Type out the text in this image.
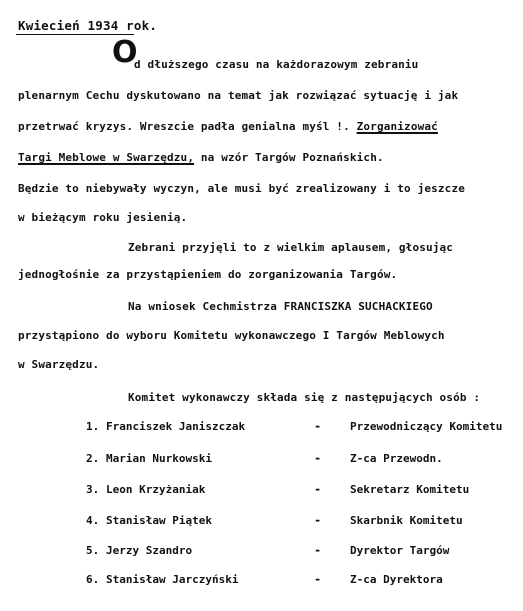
Kwiecień 1934 rok.
O
d dłuższego czasu na każdorazowym zebraniu
plenarnym Cechu dyskutowano na temat jak rozwiązać sytuację i jak
przetrwać kryzys. Wreszcie padła genialna myśl !. Zorganizować
Targi Meblowe w Swarzędzu, na wzór Targów Poznańskich.
Będzie to niebywały wyczyn, ale musi być zrealizowany i to jeszcze
w bieżącym roku jesienią.
Zebrani przyjęli to z wielkim aplausem, głosując
jednogłośnie za przystąpieniem do zorganizowania Targów.
Na wniosek Cechmistrza FRANCISZKA SUCHACKIEGO
przystąpiono do wyboru Komitetu wykonawczego I Targów Meblowych
w Swarzędzu.
Komitet wykonawczy składa się z następujących osób :
1. Franciszek Janiszczak	-	Przewodniczący Komitetu
2. Marian Nurkowski	-	Z-ca Przewodn.
3. Leon Krzyżaniak	-	Sekretarz Komitetu
4. Stanisław Piątek	-	Skarbnik Komitetu
5. Jerzy Szandro	-	Dyrektor Targów
6. Stanisław Jarczyński	-	Z-ca Dyrektora
